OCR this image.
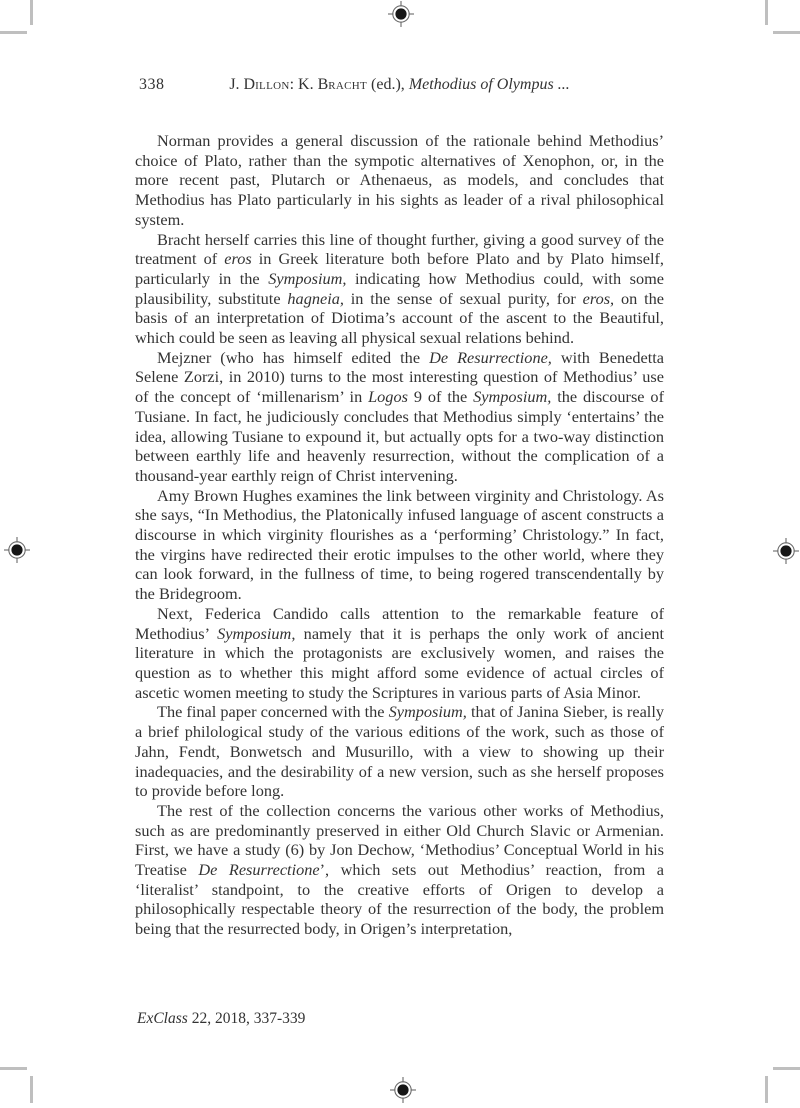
338	J. Dillon: K. Bracht (ed.), Methodius of Olympus ...

Norman provides a general discussion of the rationale behind Methodius’ choice of Plato, rather than the sympotic alternatives of Xenophon, or, in the more recent past, Plutarch or Athenaeus, as models, and concludes that Methodius has Plato particularly in his sights as leader of a rival philosophical system.

Bracht herself carries this line of thought further, giving a good survey of the treatment of eros in Greek literature both before Plato and by Plato himself, particularly in the Symposium, indicating how Methodius could, with some plausibility, substitute hagneia, in the sense of sexual purity, for eros, on the basis of an interpretation of Diotima’s account of the ascent to the Beautiful, which could be seen as leaving all physical sexual relations behind.

Mejzner (who has himself edited the De Resurrectione, with Benedetta Selene Zorzi, in 2010) turns to the most interesting question of Methodius’ use of the concept of ‘millenarism’ in Logos 9 of the Symposium, the discourse of Tusiane. In fact, he judiciously concludes that Methodius simply ‘entertains’ the idea, allowing Tusiane to expound it, but actually opts for a two-way distinction between earthly life and heavenly resurrection, without the complication of a thousand-year earthly reign of Christ intervening.

Amy Brown Hughes examines the link between virginity and Christology. As she says, “In Methodius, the Platonically infused language of ascent constructs a discourse in which virginity flourishes as a ‘performing’ Christology.” In fact, the virgins have redirected their erotic impulses to the other world, where they can look forward, in the fullness of time, to being rogered transcendentally by the Bridegroom.

Next, Federica Candido calls attention to the remarkable feature of Methodius’ Symposium, namely that it is perhaps the only work of ancient literature in which the protagonists are exclusively women, and raises the question as to whether this might afford some evidence of actual circles of ascetic women meeting to study the Scriptures in various parts of Asia Minor.

The final paper concerned with the Symposium, that of Janina Sieber, is really a brief philological study of the various editions of the work, such as those of Jahn, Fendt, Bonwetsch and Musurillo, with a view to showing up their inadequacies, and the desirability of a new version, such as she herself proposes to provide before long.

The rest of the collection concerns the various other works of Methodius, such as are predominantly preserved in either Old Church Slavic or Armenian. First, we have a study (6) by Jon Dechow, ‘Methodius’ Conceptual World in his Treatise De Resurrectione’, which sets out Methodius’ reaction, from a ‘literalist’ standpoint, to the creative efforts of Origen to develop a philosophically respectable theory of the resurrection of the body, the problem being that the resurrected body, in Origen’s interpretation,

ExClass 22, 2018, 337-339
